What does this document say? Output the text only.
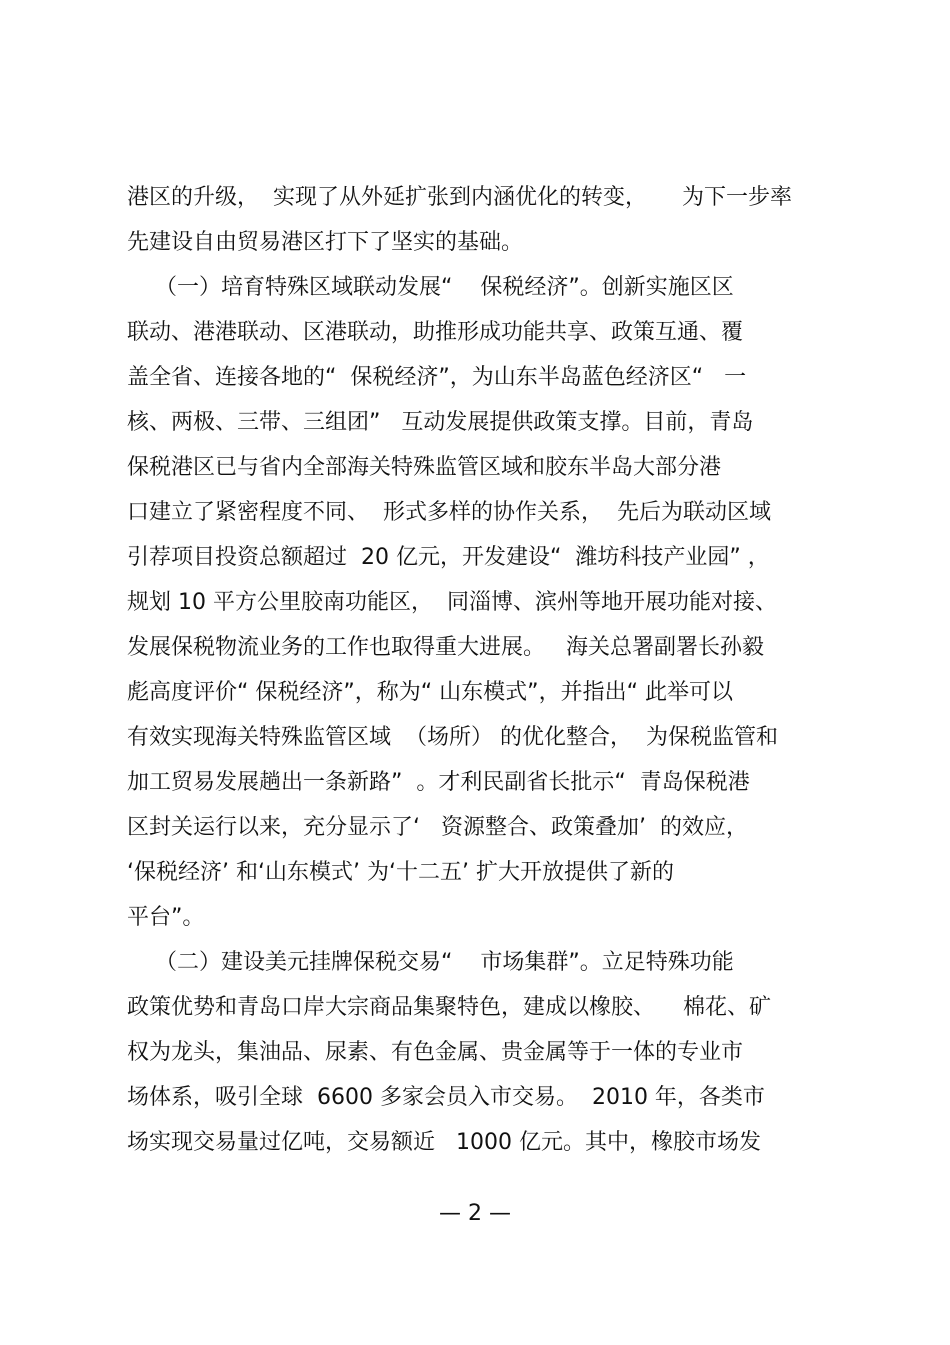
港区的升级，  实现了从外延扩张到内涵优化的转变，     为下一步率

先建设自由贸易港区打下了坚实的基础。

（一）培育特殊区域联动发展“    保税经济”。创新实施区区

联动、港港联动、区港联动，助推形成功能共享、政策互通、覆

盖全省、连接各地的“  保税经济”，为山东半岛蓝色经济区“   一

核、两极、三带、三组团”   互动发展提供政策支撑。目前，青岛

保税港区已与省内全部海关特殊监管区域和胶东半岛大部分港

口建立了紧密程度不同、  形式多样的协作关系，  先后为联动区域

引荐项目投资总额超过  20 亿元，开发建设“  潍坊科技产业园” ，

规划 10 平方公里胶南功能区，  同淄博、滨州等地开展功能对接、

发展保税物流业务的工作也取得重大进展。   海关总署副署长孙毅

彪高度评价“ 保税经济”，称为“ 山东模式”，并指出“ 此举可以

有效实现海关特殊监管区域  （场所） 的优化整合，  为保税监管和

加工贸易发展趟出一条新路”  。才利民副省长批示“  青岛保税港

区封关运行以来，充分显示了‘   资源整合、政策叠加’  的效应，

‘保税经济’ 和‘山东模式’ 为‘十二五’ 扩大开放提供了新的

平台”。

（二）建设美元挂牌保税交易“    市场集群”。立足特殊功能

政策优势和青岛口岸大宗商品集聚特色，建成以橡胶、    棉花、矿

权为龙头，集油品、尿素、有色金属、贵金属等于一体的专业市

场体系，吸引全球  6600 多家会员入市交易。  2010 年，各类市

场实现交易量过亿吨，交易额近   1000 亿元。其中，橡胶市场发

— 2 —
